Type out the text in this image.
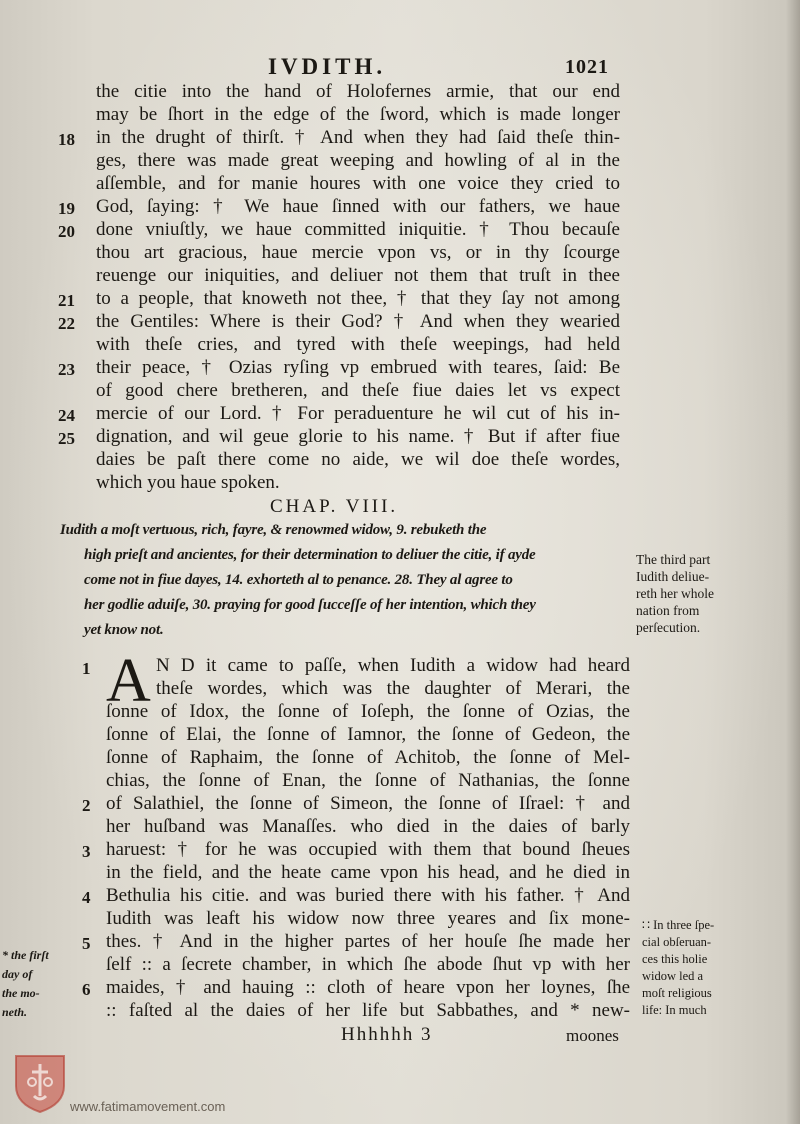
IVDITH.	1021
the citie into the hand of Holofernes armie, that our end
may be ſhort in the edge of the ſword, which is made longer
in the drught of thirſt. † And when they had ſaid theſe thin-
ges, there was made great weeping and howling of al in the
aſſemble, and for manie houres with one voice they cried to
God, ſaying: † We haue ſinned with our fathers, we haue
done vniuſtly, we haue committed iniquitie. † Thou becauſe
thou art gracious, haue mercie vpon vs, or in thy ſcourge
reuenge our iniquities, and deliuer not them that truſt in thee
to a people, that knoweth not thee, † that they ſay not among
the Gentiles: Where is their God? † And when they wearied
with theſe cries, and tyred with theſe weepings, had held
their peace, † Ozias ryſing vp embrued with teares, ſaid: Be
of good chere bretheren, and theſe fiue daies let vs expect
mercie of our Lord. † For peraduenture he wil cut of his in-
dignation, and wil geue glorie to his name. † But if after fiue
daies be paſt there come no aide, we wil doe theſe wordes,
which you haue spoken.
18
19
20
21
22
23
24
25
CHAP. VIII.
Iudith a moſt vertuous, rich, fayre, & renowmed widow, 9. rebuketh the
high prieſt and ancientes, for their determination to deliuer the citie, if ayde
come not in fiue dayes, 14. exhorteth al to penance. 28. They al agree to
her godlie aduiſe, 30. praying for good ſucceſſe of her intention, which they
yet know not.
The third part
Iudith deliue-
reth her whole
nation from
perſecution.
A N D it came to paſſe, when Iudith a widow had heard
theſe wordes, which was the daughter of Merari, the
ſonne of Idox, the ſonne of Ioſeph, the ſonne of Ozias, the
ſonne of Elai, the ſonne of Iamnor, the ſonne of Gedeon, the
ſonne of Raphaim, the ſonne of Achitob, the ſonne of Mel-
chias, the ſonne of Enan, the ſonne of Nathanias, the ſonne
of Salathiel, the ſonne of Simeon, the ſonne of Iſrael: † and
her huſband was Manaſſes. who died in the daies of barly
haruest: † for he was occupied with them that bound ſheues
in the field, and the heate came vpon his head, and he died in
Bethulia his citie. and was buried there with his father. † And
Iudith was leaft his widow now three yeares and ſix mone-
thes. † And in the higher partes of her houſe ſhe made her
ſelf :: a ſecrete chamber, in which ſhe abode ſhut vp with her
maides, † and hauing :: cloth of heare vpon her loynes, ſhe
:: faſted al the daies of her life but Sabbathes, and * new-
1
2
3
4
5
6
∷ In three ſpe-
cial obſeruan-
ces this holie
widow led a
moſt religious
life: In much
* the firſt
day of
the mo-
neth.
Hhhhhh 3	moones
www.fatimamovement.com
